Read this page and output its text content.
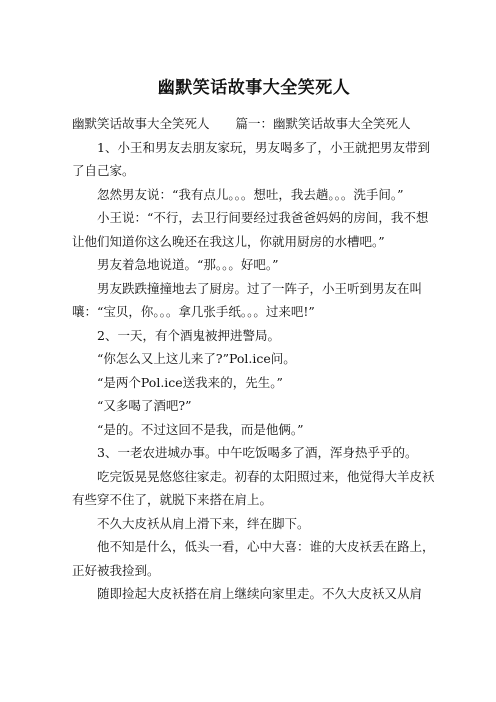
幽默笑话故事大全笑死人

幽默笑话故事大全笑死人 篇一：幽默笑话故事大全笑死人

1、小王和男友去朋友家玩，男友喝多了，小王就把男友带到了自己家。

忽然男友说：“我有点儿。。。想吐，我去趟。。。洗手间。”

小王说：“不行，去卫行间要经过我爸爸妈妈的房间，我不想让他们知道你这么晚还在我这儿，你就用厨房的水槽吧。”

男友着急地说道。“那。。。好吧。”

男友跌跌撞撞地去了厨房。过了一阵子，小王听到男友在叫嚷：“宝贝，你。。。拿几张手纸。。。过来吧!”

2、一天，有个酒鬼被押进警局。

“你怎么又上这儿来了?”Pol.ice问。

“是两个Pol.ice送我来的，先生。”

“又多喝了酒吧?”

“是的。不过这回不是我，而是他俩。”

3、一老农进城办事。中午吃饭喝多了酒，浑身热乎乎的。

吃完饭晃晃悠悠往家走。初春的太阳照过来，他觉得大羊皮袄有些穿不住了，就脱下来搭在肩上。

不久大皮袄从肩上滑下来，绊在脚下。

他不知是什么，低头一看，心中大喜：谁的大皮袄丢在路上，正好被我捡到。

随即捡起大皮袄搭在肩上继续向家里走。不久大皮袄又从肩
